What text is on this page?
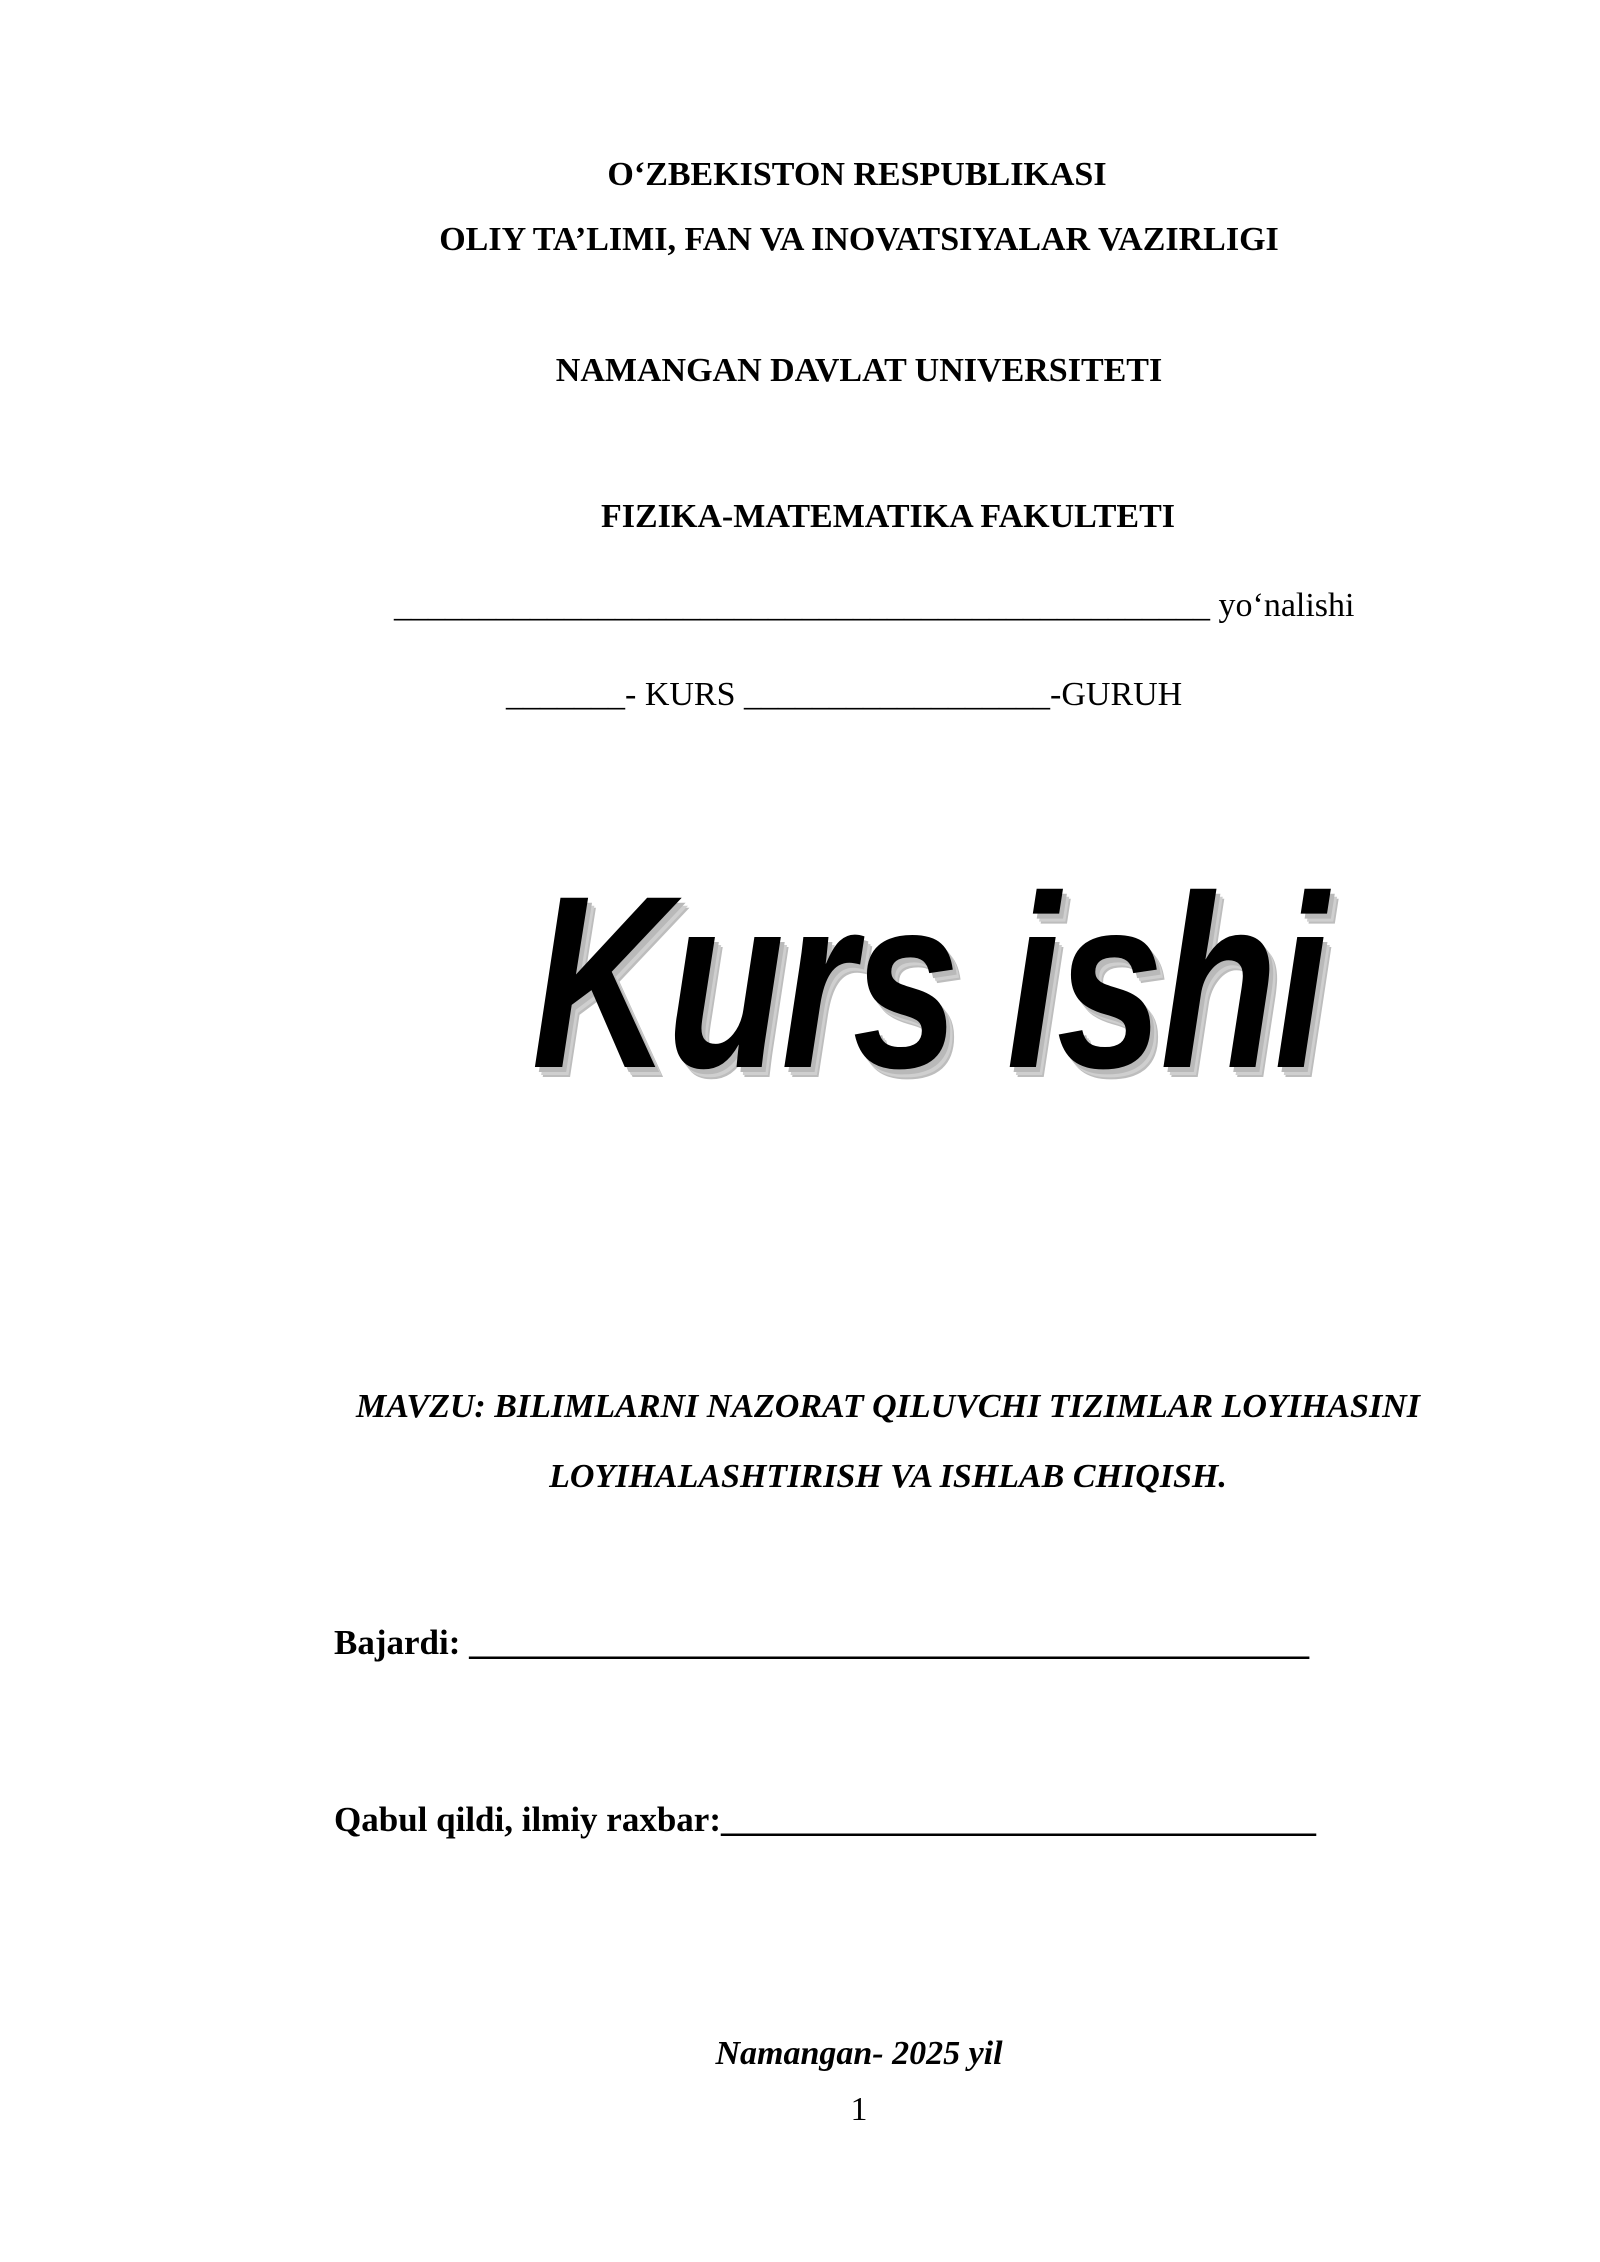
O‘ZBEKISTON RESPUBLIKASI
OLIY TA’LIMI, FAN VA INOVATSIYALAR VAZIRLIGI
NAMANGAN DAVLAT UNIVERSITETI
FIZIKA-MATEMATIKA FAKULTETI
________________________________________________ yo‘nalishi
_______- KURS __________________-GURUH
Kurs ishi
MAVZU: BILIMLARNI NAZORAT QILUVCHI TIZIMLAR LOYIHASINI
LOYIHALASHTIRISH VA ISHLAB CHIQISH.
Bajardi: ________________________________________________
Qabul qildi, ilmiy raxbar:__________________________________
Namangan- 2025 yil
1
